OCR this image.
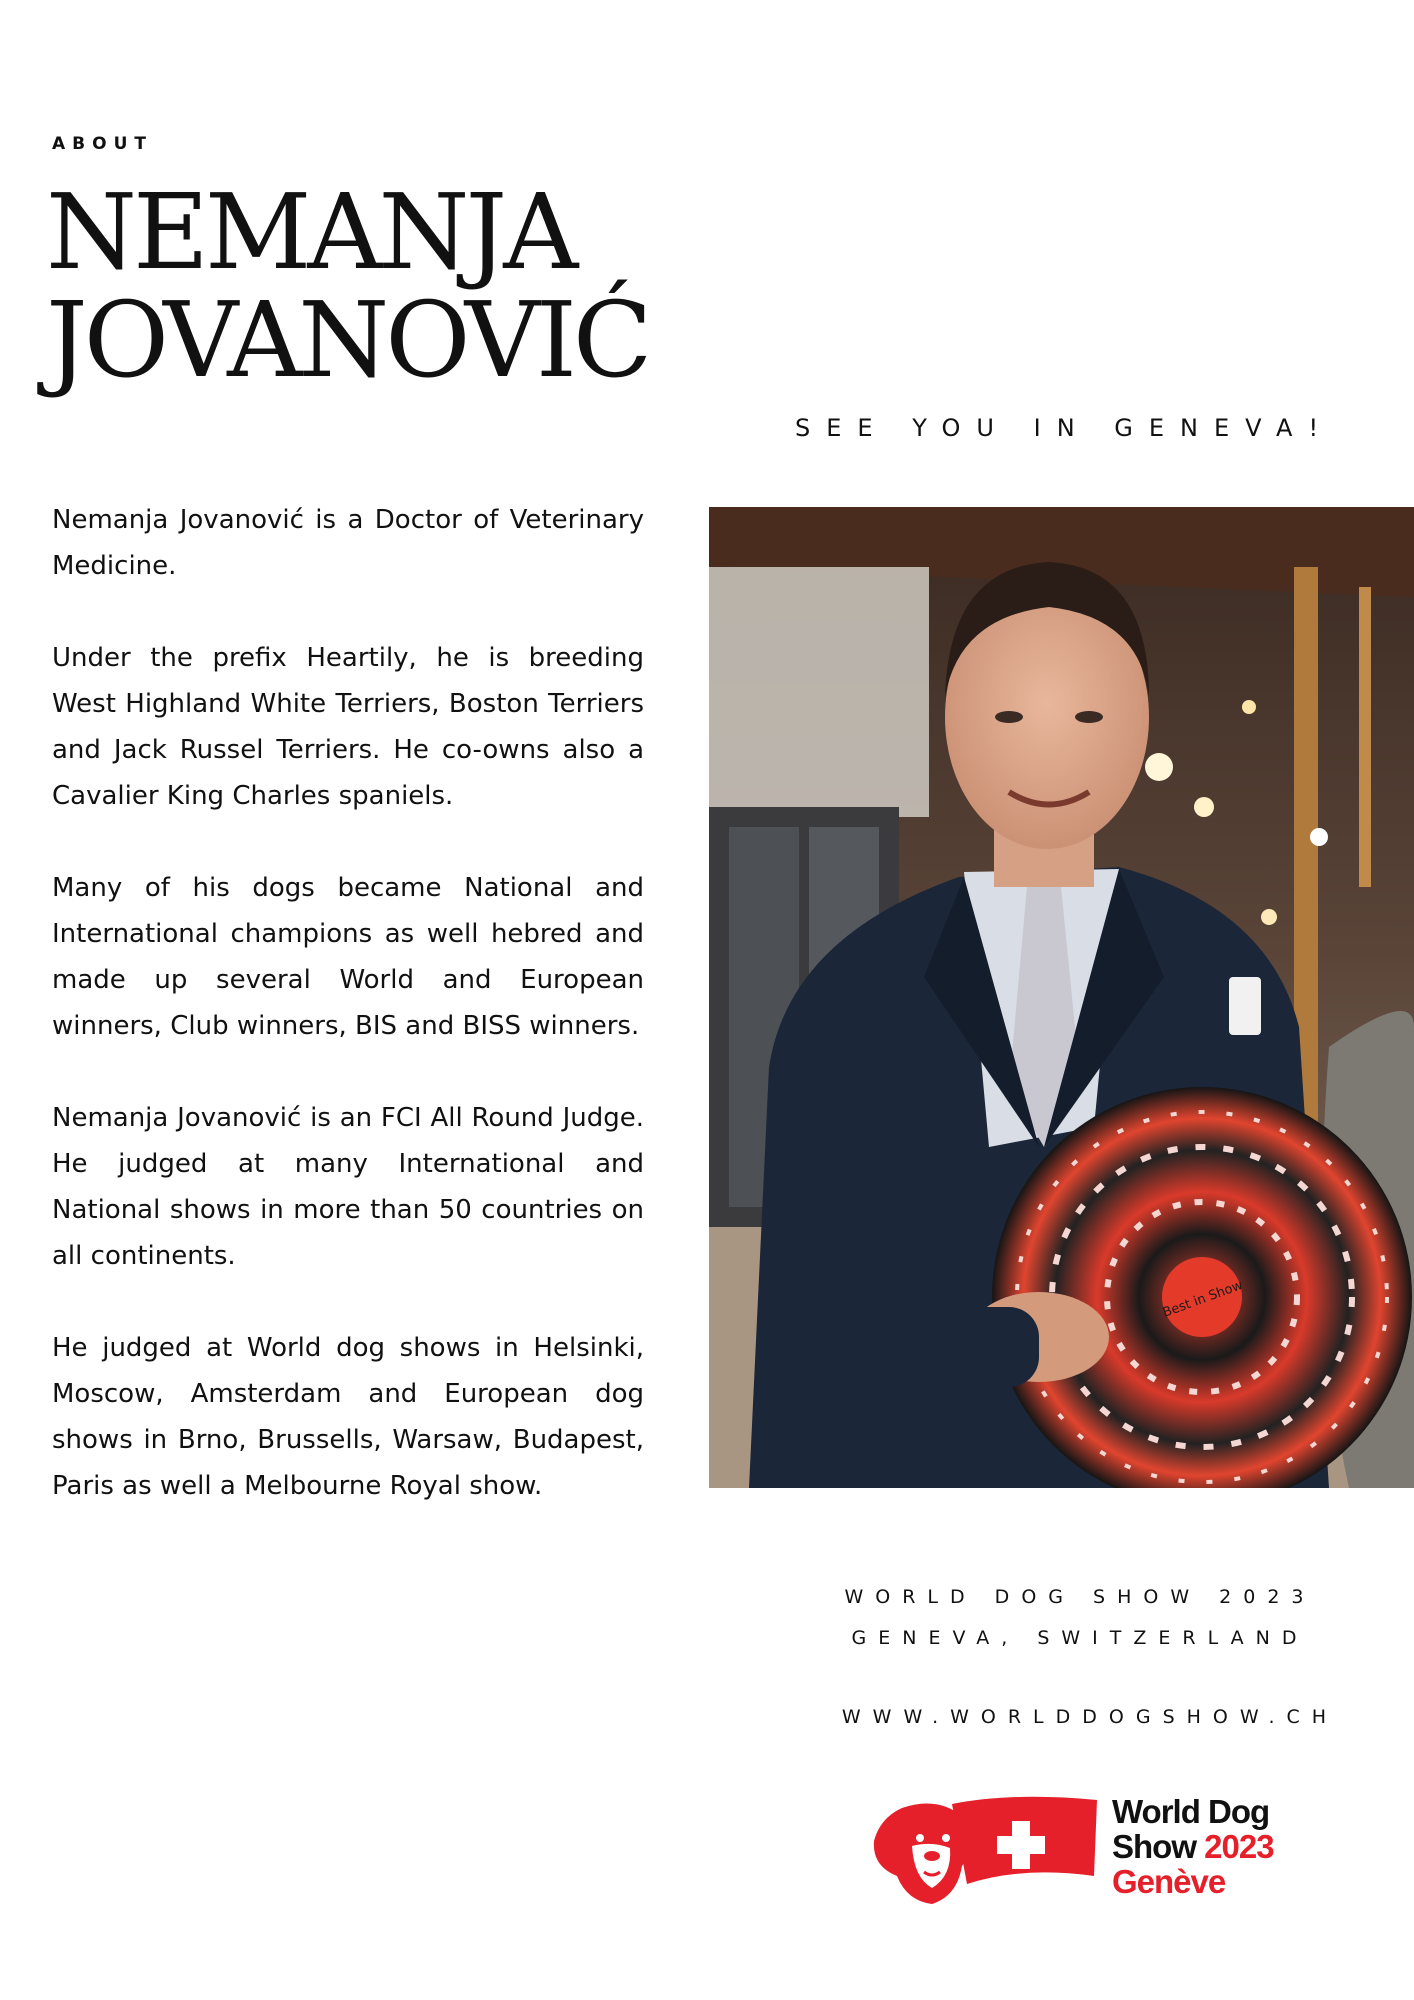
ABOUT
NEMANJA
JOVANOVIĆ
SEE YOU IN GENEVA!

Nemanja Jovanović is a Doctor of Veterinary Medicine.

Under the prefix Heartily, he is breeding West Highland White Terriers, Boston Terriers and Jack Russel Terriers. He co-owns also a Cavalier King Charles spaniels.

Many of his dogs became National and International champions as well hebred and made up several World and European winners, Club winners, BIS and BISS winners.

Nemanja Jovanović is an FCI All Round Judge. He judged at many International and National shows in more than 50 countries on all continents.

He judged at World dog shows in Helsinki, Moscow, Amsterdam and European dog shows in Brno, Brussells, Warsaw, Budapest, Paris as well a Melbourne Royal show.

Best in Show
WORLD DOG SHOW 2023
GENEVA, SWITZERLAND
WWW.WORLDDOGSHOW.CH
World Dog
Show 2023
Genève
